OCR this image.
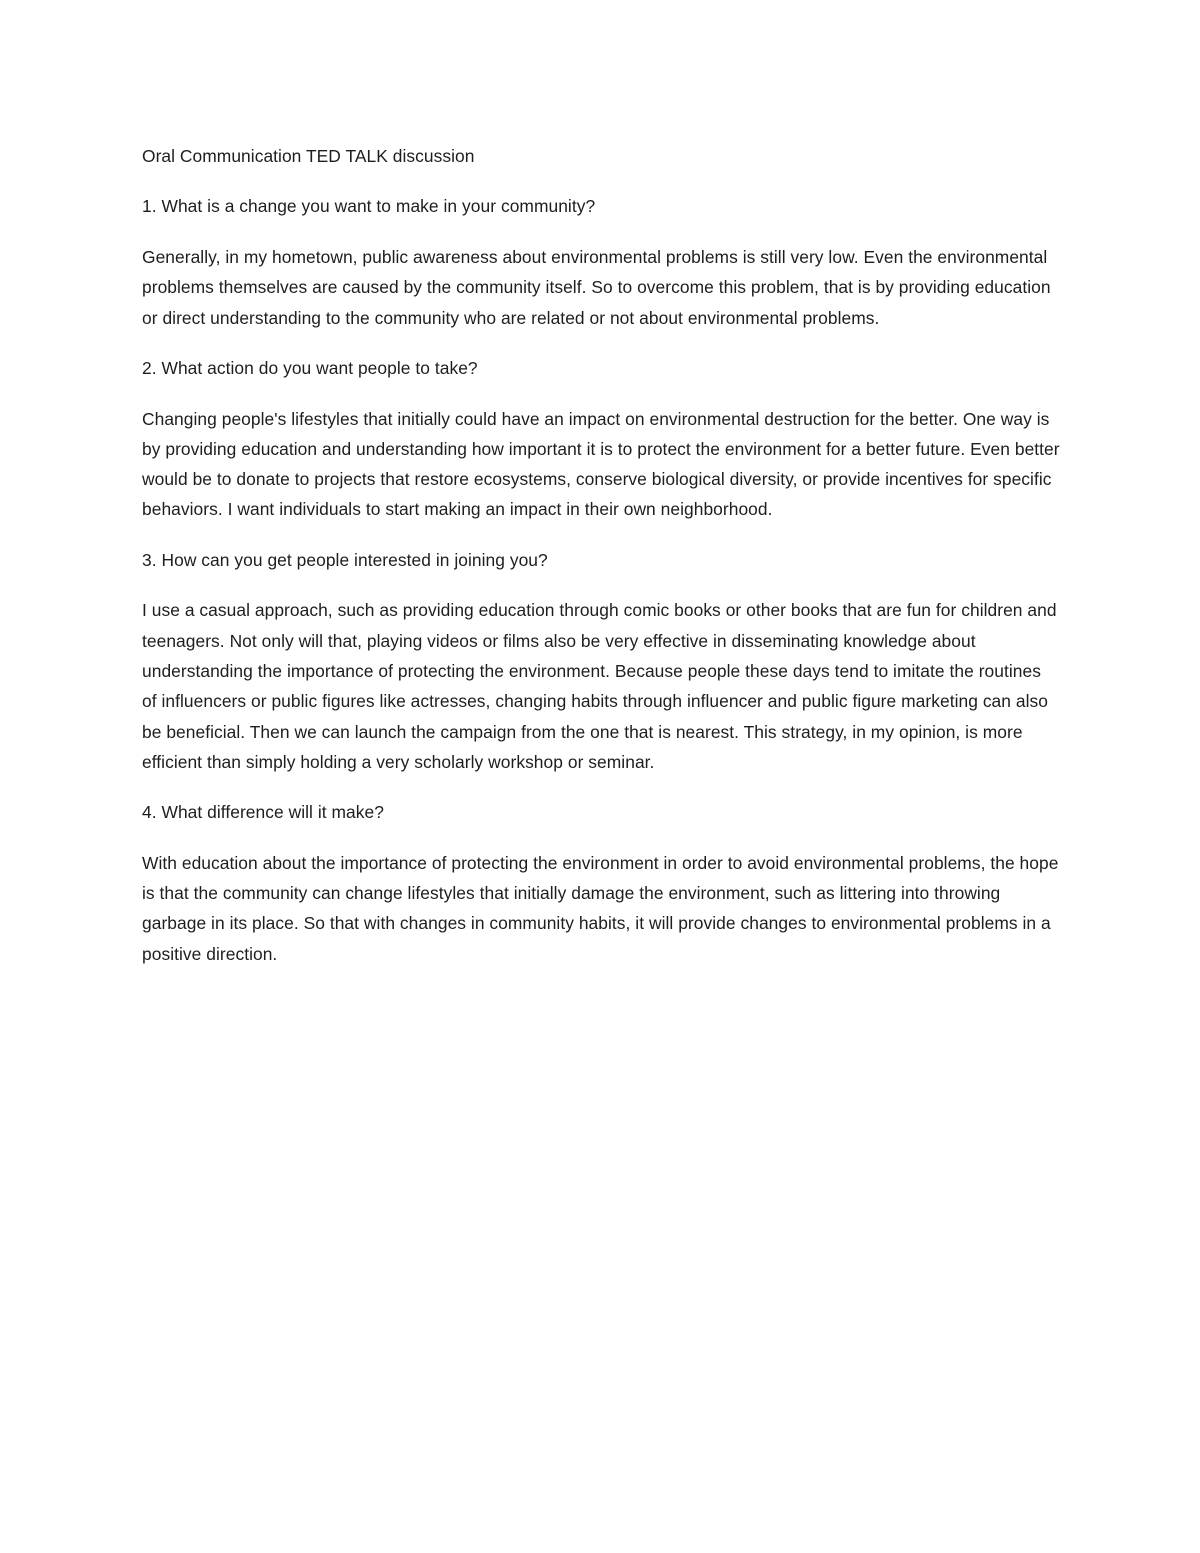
Oral Communication TED TALK discussion

1. What is a change you want to make in your community?

Generally, in my hometown, public awareness about environmental problems is still very low. Even the environmental problems themselves are caused by the community itself. So to overcome this problem, that is by providing education or direct understanding to the community who are related or not about environmental problems.

2. What action do you want people to take?

Changing people's lifestyles that initially could have an impact on environmental destruction for the better. One way is by providing education and understanding how important it is to protect the environment for a better future. Even better would be to donate to projects that restore ecosystems, conserve biological diversity, or provide incentives for specific behaviors. I want individuals to start making an impact in their own neighborhood.

3. How can you get people interested in joining you?

I use a casual approach, such as providing education through comic books or other books that are fun for children and teenagers. Not only will that, playing videos or films also be very effective in disseminating knowledge about understanding the importance of protecting the environment. Because people these days tend to imitate the routines of influencers or public figures like actresses, changing habits through influencer and public figure marketing can also be beneficial. Then we can launch the campaign from the one that is nearest. This strategy, in my opinion, is more efficient than simply holding a very scholarly workshop or seminar.

4. What difference will it make?

With education about the importance of protecting the environment in order to avoid environmental problems, the hope is that the community can change lifestyles that initially damage the environment, such as littering into throwing garbage in its place. So that with changes in community habits, it will provide changes to environmental problems in a positive direction.
